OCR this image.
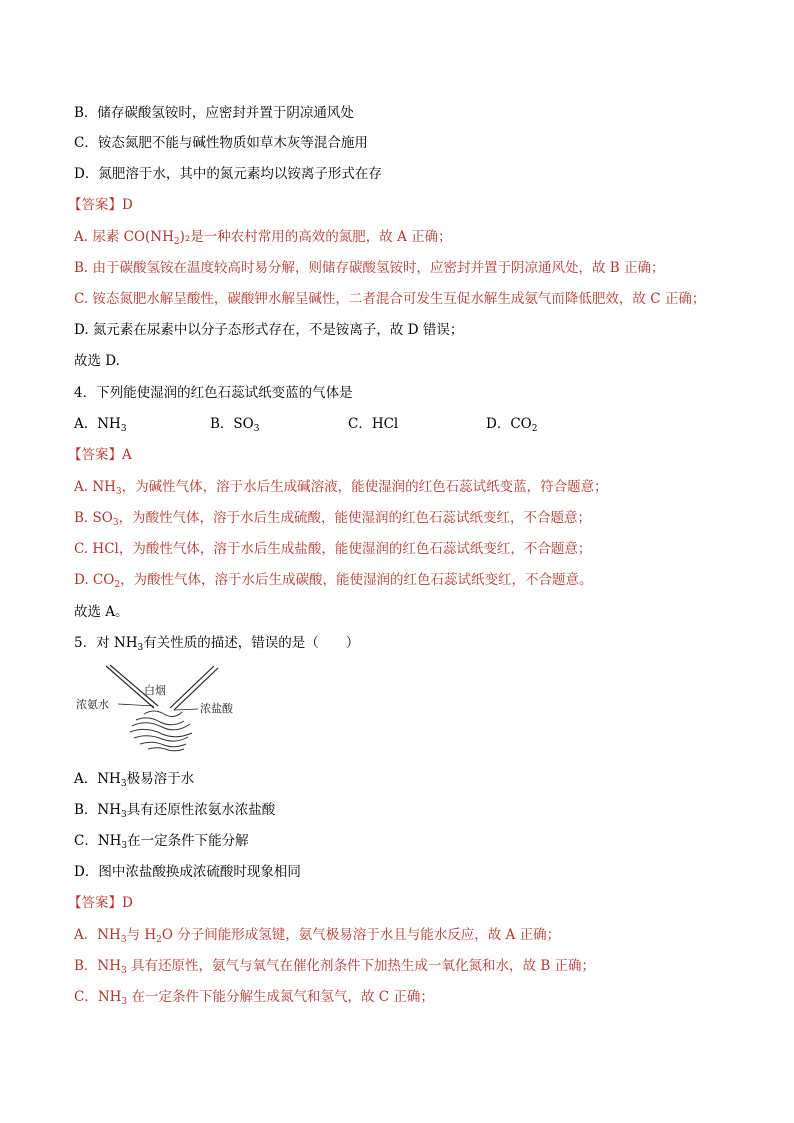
B．储存碳酸氢铵时，应密封并置于阴凉通风处
C．铵态氮肥不能与碱性物质如草木灰等混合施用
D．氮肥溶于水，其中的氮元素均以铵离子形式在存
【答案】D
A. 尿素 $CO(NH_2)_2$是一种农村常用的高效的氮肥，故 A 正确；
B. 由于碳酸氢铵在温度较高时易分解，则储存碳酸氢铵时，应密封并置于阴凉通风处，故 B 正确；
C. 铵态氮肥水解呈酸性，碳酸钾水解呈碱性，二者混合可发生互促水解生成氨气而降低肥效，故 C 正确；
D. 氮元素在尿素中以分子态形式存在，不是铵离子，故 D 错误；
故选 D.
4．下列能使湿润的红色石蕊试纸变蓝的气体是
A．$NH_3$	B．$SO_3$	C．HCl	D．$CO_2$
【答案】A
A. $NH_3$，为碱性气体，溶于水后生成碱溶液，能使湿润的红色石蕊试纸变蓝，符合题意；
B. $SO_3$，为酸性气体，溶于水后生成硫酸，能使湿润的红色石蕊试纸变红，不合题意；
C. HCl，为酸性气体，溶于水后生成盐酸，能使湿润的红色石蕊试纸变红，不合题意；
D. $CO_2$，为酸性气体，溶于水后生成碳酸，能使湿润的红色石蕊试纸变红，不合题意。
故选 A。
5．对 $NH_3$有关性质的描述，错误的是（　　）
浓氨水
白烟
浓盐酸
A．$NH_3$极易溶于水
B．$NH_3$具有还原性浓氨水浓盐酸
C．$NH_3$在一定条件下能分解
D．图中浓盐酸换成浓硫酸时现象相同
【答案】D
A．$NH_3$与 $H_2O$ 分子间能形成氢键，氨气极易溶于水且与能水反应，故 A 正确；
B．$NH_3$ 具有还原性，氨气与氧气在催化剂条件下加热生成一氧化氮和水，故 B 正确；
C．$NH_3$ 在一定条件下能分解生成氮气和氢气，故 C 正确；
